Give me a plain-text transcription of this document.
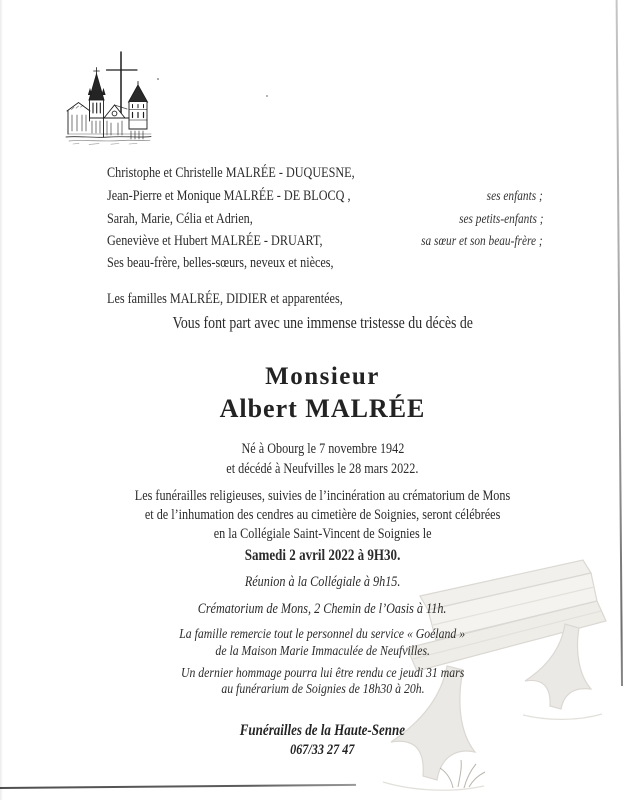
Christophe et Christelle MALRÉE - DUQUESNE,
Jean-Pierre et Monique MALRÉE - DE BLOCQ ,	ses enfants ;
Sarah, Marie, Célia et Adrien,	ses petits-enfants ;
Geneviève et Hubert MALRÉE - DRUART,	sa sœur et son beau-frère ;
Ses beau-frère, belles-sœurs, neveux et nièces,
Les familles MALRÉE, DIDIER et apparentées,
Vous font part avec une immense tristesse du décès de
Monsieur
Albert MALRÉE
Né à Obourg le 7 novembre 1942
et décédé à Neufvilles le 28 mars 2022.
Les funérailles religieuses, suivies de l’incinération au crématorium de Mons
et de l’inhumation des cendres au cimetière de Soignies, seront célébrées
en la Collégiale Saint-Vincent de Soignies le
Samedi 2 avril 2022 à 9H30.
Réunion à la Collégiale à 9h15.
Crématorium de Mons, 2 Chemin de l’Oasis à 11h.
La famille remercie tout le personnel du service « Goéland »
de la Maison Marie Immaculée de Neufvilles.
Un dernier hommage pourra lui être rendu ce jeudi 31 mars
au funérarium de Soignies de 18h30 à 20h.
Funérailles de la Haute-Senne
067/33 27 47
